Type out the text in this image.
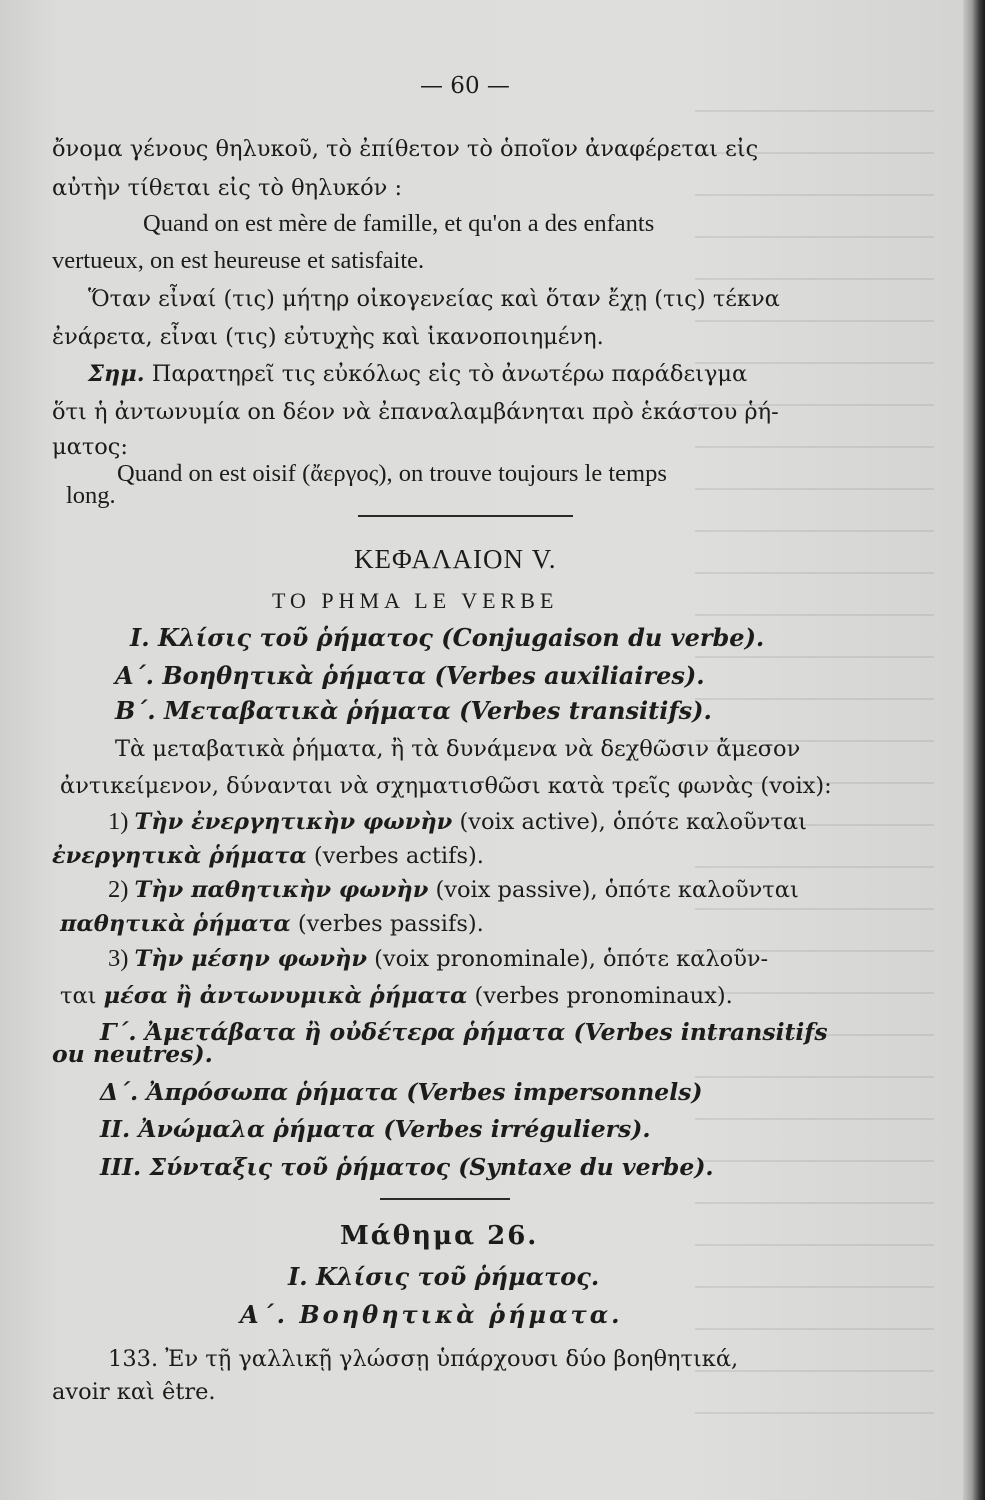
— 60 —
ὄνομα γένους θηλυκοῦ, τὸ ἐπίθετον τὸ ὁποῖον ἀναφέρεται εἰς
αὐτὴν τίθεται εἰς τὸ θηλυκόν :
Quand on est mère de famille, et qu'on a des enfants
vertueux, on est heureuse et satisfaite.
Ὅταν εἶναί (τις) μήτηρ οἰκογενείας καὶ ὅταν ἔχῃ (τις) τέκνα
ἐνάρετα, εἶναι (τις) εὐτυχὴς καὶ ἱκανοποιημένη.
Σημ. Παρατηρεῖ τις εὐκόλως εἰς τὸ ἀνωτέρω παράδειγμα
ὅτι ἡ ἀντωνυμία on δέον νὰ ἐπαναλαμβάνηται πρὸ ἑκάστου ῥή-
ματος:
Quand on est oisif (ἄεργος), on trouve toujours le temps
long.
ΚΕΦΑΛΑΙΟΝ V.
ΤΟ ΡΗΜΑ LE VERBE
I. Κλίσις τοῦ ῥήματος (Conjugaison du verbe).
Α΄. Βοηθητικὰ ῥήματα (Verbes auxiliaires).
Β΄. Μεταβατικὰ ῥήματα (Verbes transitifs).
Τὰ μεταβατικὰ ῥήματα, ἢ τὰ δυνάμενα νὰ δεχθῶσιν ἄμεσον
ἀντικείμενον, δύνανται νὰ σχηματισθῶσι κατὰ τρεῖς φωνὰς (voix):
1) Τὴν ἐνεργητικὴν φωνὴν (voix active), ὁπότε καλοῦνται
ἐνεργητικὰ ῥήματα (verbes actifs).
2) Τὴν παθητικὴν φωνὴν (voix passive), ὁπότε καλοῦνται
παθητικὰ ῥήματα (verbes passifs).
3) Τὴν μέσην φωνὴν (voix pronominale), ὁπότε καλοῦν-
ται μέσα ἢ ἀντωνυμικὰ ῥήματα (verbes pronominaux).
Γ΄. Ἀμετάβατα ἢ οὐδέτερα ῥήματα (Verbes intransitifs
ou neutres).
Δ΄. Ἀπρόσωπα ῥήματα (Verbes impersonnels)
II. Ἀνώμαλα ῥήματα (Verbes irréguliers).
III. Σύνταξις τοῦ ῥήματος (Syntaxe du verbe).
Μάθημα 26.
I. Κλίσις τοῦ ῥήματος.
Α΄. Βοηθητικὰ ῥήματα.
133. Ἐν τῇ γαλλικῇ γλώσσῃ ὑπάρχουσι δύο βοηθητικά,
avoir καὶ être.
